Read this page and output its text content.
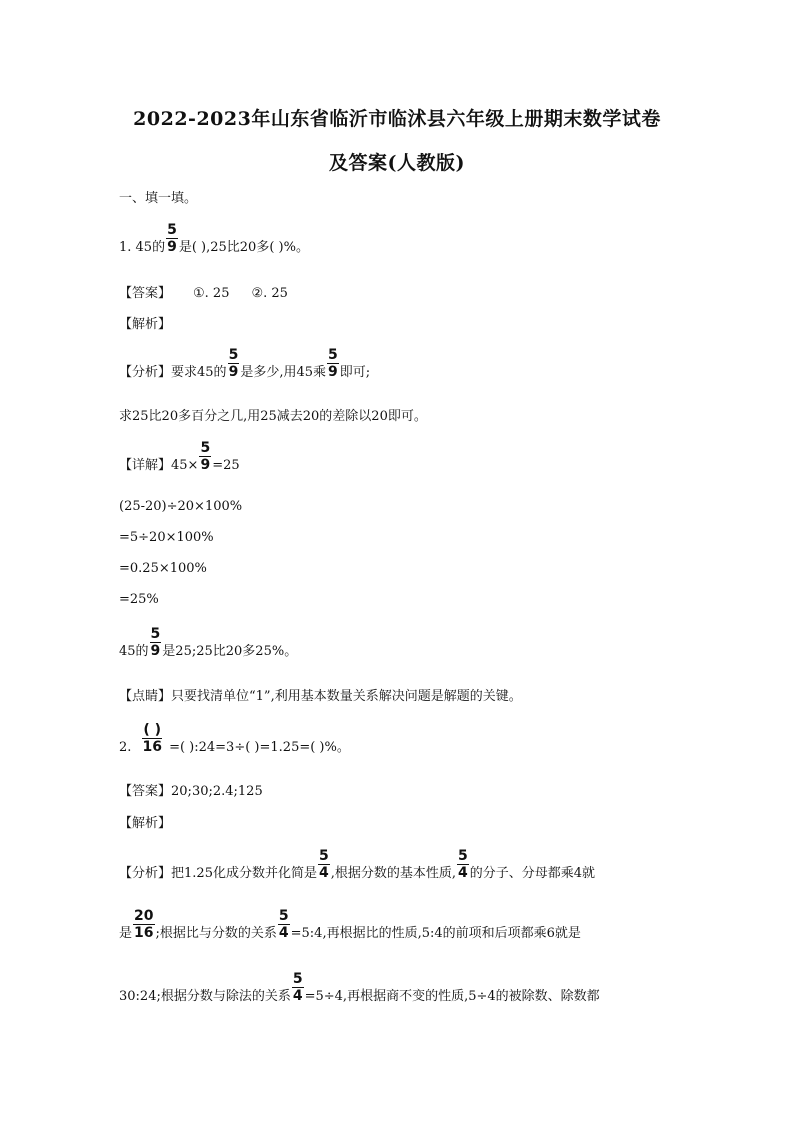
2022-2023年山东省临沂市临沭县六年级上册期末数学试卷
及答案(人教版)
一、填一填。
1. 45的 $\frac{5}{9}$ 是( ),25比20多( )%。
【答案】 ①. 25 ②. 25
【解析】
【分析】 要求45的 $\frac{5}{9}$ 是多少,用45乘 $\frac{5}{9}$ 即可;
求25比20多百分之几,用25减去20的差除以20即可。
【详解】 $45\times \frac{5}{9} =25$
(25-20)÷20×100%
=5÷20×100%
=0.25×100%
=25%
45的 $\frac{5}{9}$ 是25;25比20多25%。
【点睛】 只要找清单位“1”,利用基本数量关系解决问题是解题的关键。
2. $\frac{( )}{16}$ =( ):24=3÷( )=1.25=( )%。
【答案】 20;30;2.4;125
【解析】
【分析】 把1.25化成分数并化简是 $\frac{5}{4}$ ,根据分数的基本性质, $\frac{5}{4}$ 的分子、分母都乘4就
是 $\frac{20}{16}$ ;根据比与分数的关系 $\frac{5}{4}$ =5:4,再根据比的性质,5:4的前项和后项都乘6就是
30:24;根据分数与除法的关系 $\frac{5}{4} =5\div 4$,再根据商不变的性质,5÷4的被除数、除数都
